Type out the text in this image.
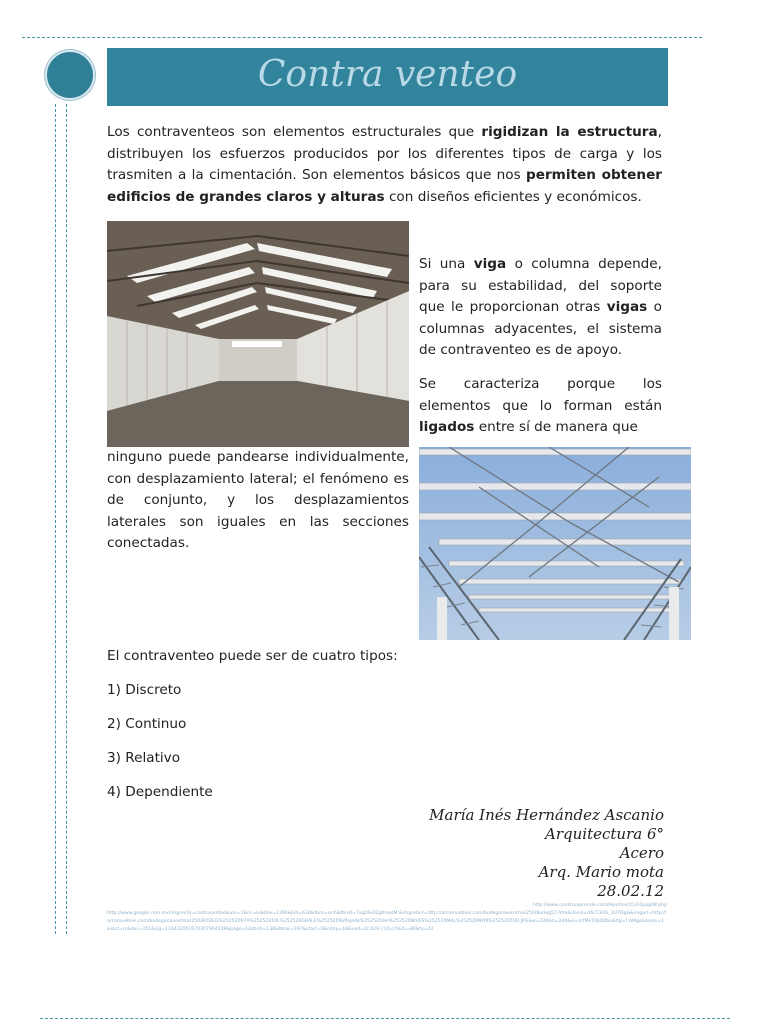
Contra venteo

Los contraventeos son elementos estructurales que rigidizan la estructura, distribuyen los esfuerzos producidos por los diferentes tipos de carga y los trasmiten a la cimentación. Son elementos básicos que nos permiten obtener edificios de grandes claros y alturas con diseños eficientes y económicos.

Si una viga o columna depende, para su estabilidad, del soporte que le proporcionan otras vigas o columnas adyacentes, el sistema de contraventeo es de apoyo.

Se caracteriza porque los elementos que lo forman están ligados entre sí de manera que

ninguno puede pandearse individualmente, con desplazamiento lateral; el fenómeno es de conjunto, y los desplazamientos laterales son iguales en las secciones conectadas.

El contraventeo puede ser de cuatro tipos:
1) Discreto
2) Continuo
3) Relativo
4) Dependiente
María Inés Hernández Ascanio
Arquitectura 6°
Acero
Arq. Mario mota
28.02.12
http://www.construaprende.com/Apuntes/01/A1pag08.php
http://www.google.com.mx/imgres?q=contraventeo&um=1&hl=es&biw=1366&bih=634&tbm=isch&tbnid=7sgDFe02gfmudM:&imgrefurl=http://arcomuebles.com/bodeganaves/mas250/Bodeg57.htm&docid=d6cT3HG_3U7Dg&&imgurl=http://arcomuebles.com/bodeganaves/mas250/BODEG%25252097A%2525201PL%252520GRALE%252520Reflejado%252520del%252520NIVES%252520MAL%252520NYM%252520TUR.JPG&w=320&h=240&ei=aYMkT0bD0bu&itg=t:AMgs&zoom=1&iact=rc&dur=351&sig=116432061070307964039&page=1&tbnh=138&tbnw=197&start=0&ndsp=18&ved=1t:429,r:10,s:0&tx=86&ty=42
